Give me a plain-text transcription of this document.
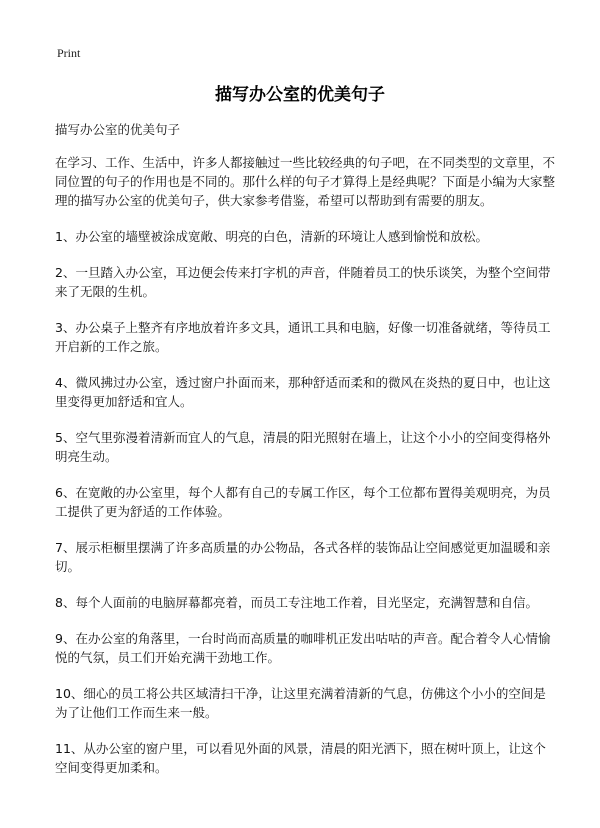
Print
描写办公室的优美句子

描写办公室的优美句子

在学习、工作、生活中，许多人都接触过一些比较经典的句子吧，在不同类型的文章里，不同位置的句子的作用也是不同的。那什么样的句子才算得上是经典呢？下面是小编为大家整理的描写办公室的优美句子，供大家参考借鉴，希望可以帮助到有需要的朋友。

1、办公室的墙壁被涂成宽敞、明亮的白色，清新的环境让人感到愉悦和放松。

2、一旦踏入办公室，耳边便会传来打字机的声音，伴随着员工的快乐谈笑，为整个空间带来了无限的生机。

3、办公桌子上整齐有序地放着许多文具，通讯工具和电脑，好像一切准备就绪，等待员工开启新的工作之旅。

4、微风拂过办公室，透过窗户扑面而来，那种舒适而柔和的微风在炎热的夏日中，也让这里变得更加舒适和宜人。

5、空气里弥漫着清新而宜人的气息，清晨的阳光照射在墙上，让这个小小的空间变得格外明亮生动。

6、在宽敞的办公室里，每个人都有自己的专属工作区，每个工位都布置得美观明亮，为员工提供了更为舒适的工作体验。

7、展示柜橱里摆满了许多高质量的办公物品，各式各样的装饰品让空间感觉更加温暖和亲切。

8、每个人面前的电脑屏幕都亮着，而员工专注地工作着，目光坚定，充满智慧和自信。

9、在办公室的角落里，一台时尚而高质量的咖啡机正发出咕咕的声音。配合着令人心情愉悦的气氛，员工们开始充满干劲地工作。

10、细心的员工将公共区域清扫干净，让这里充满着清新的气息，仿佛这个小小的空间是为了让他们工作而生来一般。

11、从办公室的窗户里，可以看见外面的风景，清晨的阳光洒下，照在树叶顶上，让这个空间变得更加柔和。
